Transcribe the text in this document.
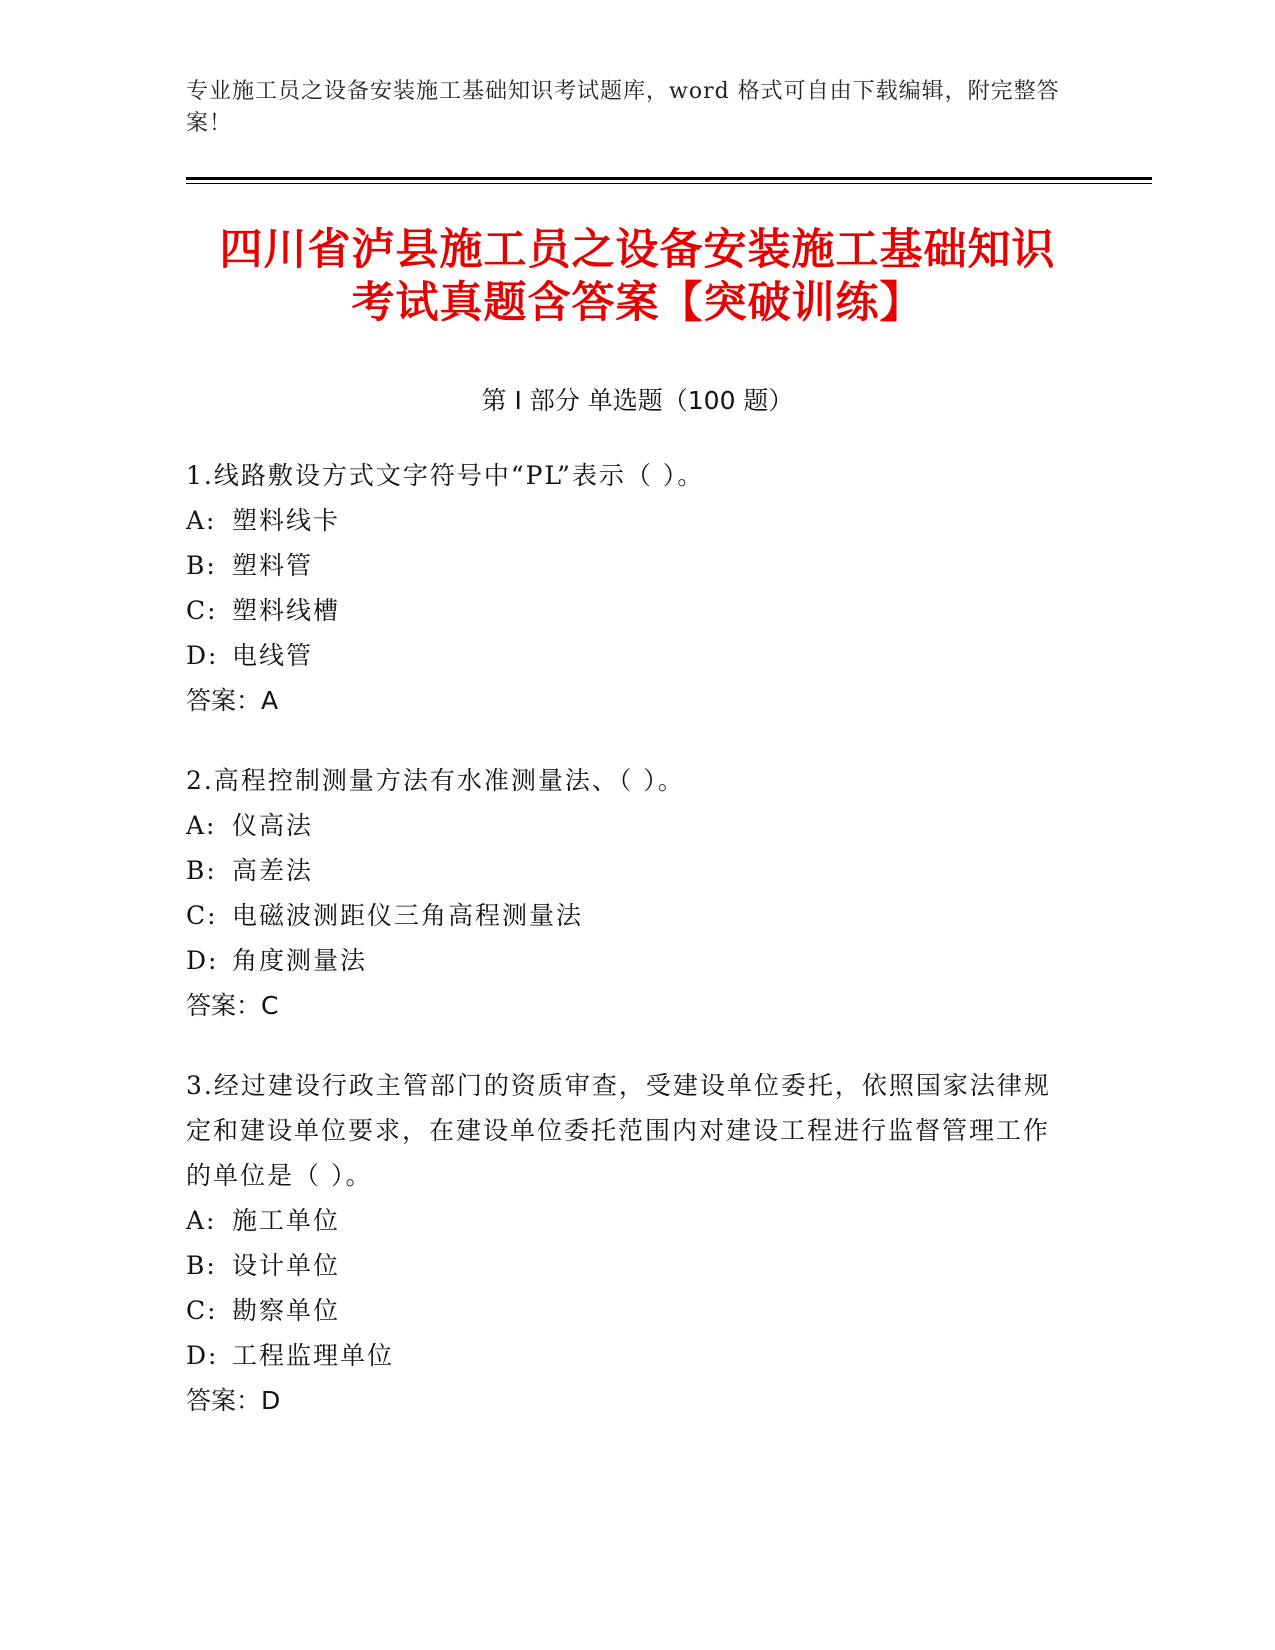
专业施工员之设备安装施工基础知识考试题库，word 格式可自由下载编辑，附完整答案！
四川省泸县施工员之设备安装施工基础知识
考试真题含答案【突破训练】
第 I 部分 单选题（100 题）
1.线路敷设方式文字符号中“PL”表示（ ）。
A: 塑料线卡
B: 塑料管
C: 塑料线槽
D: 电线管
答案：A
2.高程控制测量方法有水准测量法、（ ）。
A: 仪高法
B: 高差法
C: 电磁波测距仪三角高程测量法
D: 角度测量法
答案：C
3.经过建设行政主管部门的资质审查，受建设单位委托，依照国家法律规定和建设单位要求，在建设单位委托范围内对建设工程进行监督管理工作的单位是（ ）。
A: 施工单位
B: 设计单位
C: 勘察单位
D: 工程监理单位
答案：D
